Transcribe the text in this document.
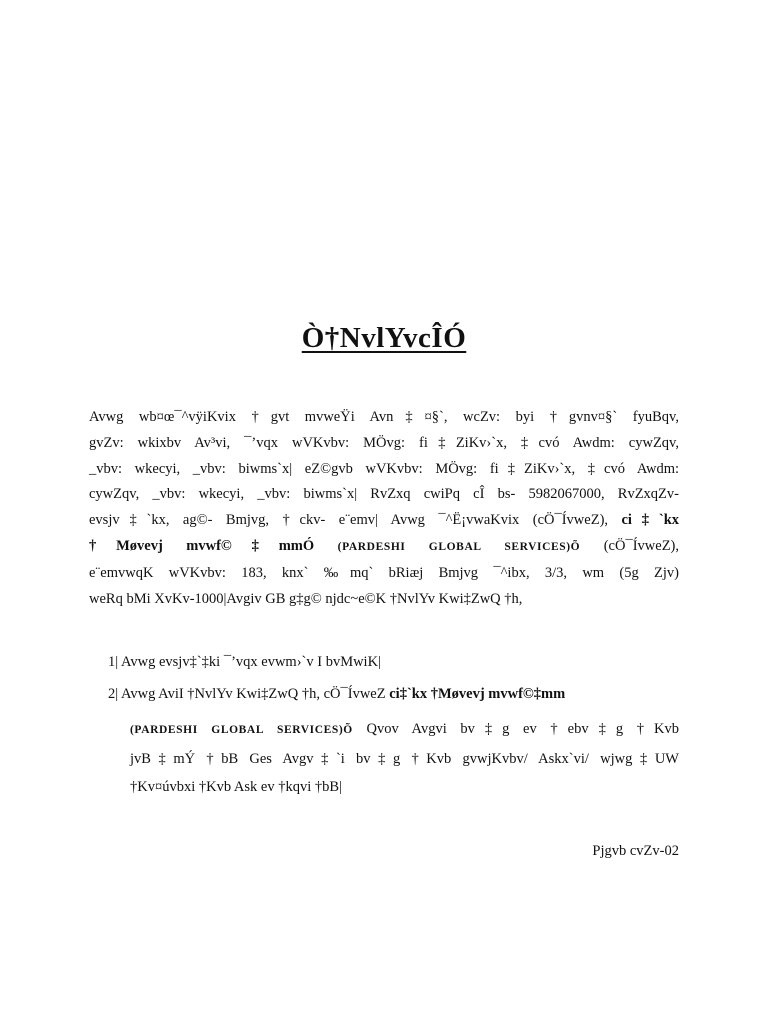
Ò†NvlYvcÎÓ
Avwg wb¤œ¯^vÿiKvix †gvt mvweŸi Avn‡¤§`, wcZv: byi †gvnv¤§` fyuBqv,
gvZv: wkixbv Av³vi, ¯’vqx wVKvbv: MÖvg: fi‡ZiKv›`x, ‡cvó Awdm: cywZqv,
_vbv: wkecyi, _vbv: biwms`x| eZ©gvb wVKvbv: MÖvg: fi‡ZiKv›`x, ‡cvó Awdm:
cywZqv, _vbv: wkecyi, _vbv: biwms`x| RvZxq cwiPq cÎ bs- 5982067000, RvZxqZv-
evsjv‡`kx, ag©- Bmjvg, †ckv- e¨emv| Avwg ¯^Ë¡vwaKvix (cÖ¯ÍvweZ), ci‡`kx
†Møvevj mvwf©‡mmÓ (PARDESHI GLOBAL SERVICES)Õ (cÖ¯ÍvweZ),
e¨emvwqK wVKvbv: 183, knx` ‰mq` bRiæj Bmjvg ¯^ibx, 3/3, wm (5g Zjv)
weRq bMi XvKv-1000|Avgiv GB g‡g© njdc~e©K †NvlYv Kwi‡ZwQ †h,
1| Avwg evsjv‡`‡ki ¯’vqx evwm›`v I bvMwiK|
2| Avwg AviI †NvlYv Kwi‡ZwQ †h, cÖ¯ÍvweZ ci‡`kx †Møvevj mvwf©‡mm
(PARDESHI GLOBAL SERVICES)Õ Qvov Avgvi bv‡g ev †ebv‡g †Kvb
jvB‡mÝ †bB Ges Avgv‡`i bv‡g †Kvb gvwjKvbv/ Askx`vi/ wjwg‡UW
†Kv¤úvbxi †Kvb Ask ev †kqvi †bB|
Pjgvb cvZv-02
